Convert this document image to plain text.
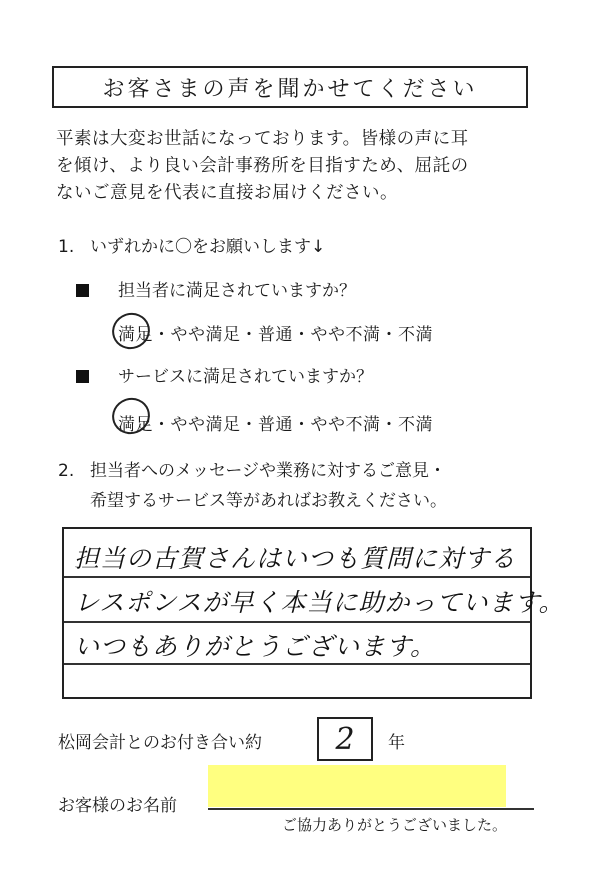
お客さまの声を聞かせてください
平素は大変お世話になっております。皆様の声に耳
を傾け、より良い会計事務所を目指すため、屈託の
ないご意見を代表に直接お届けください。
1. いずれかに〇をお願いします↓
担当者に満足されていますか？
満足・やや満足・普通・やや不満・不満
サービスに満足されていますか？
満足・やや満足・普通・やや不満・不満
2. 担当者へのメッセージや業務に対するご意見・
希望するサービス等があればお教えください。
担当の古賀さんはいつも質問に対する
レスポンスが早く本当に助かっています。
いつもありがとうございます。
松岡会計とのお付き合い約 2 年
お客様のお名前
ご協力ありがとうございました。
